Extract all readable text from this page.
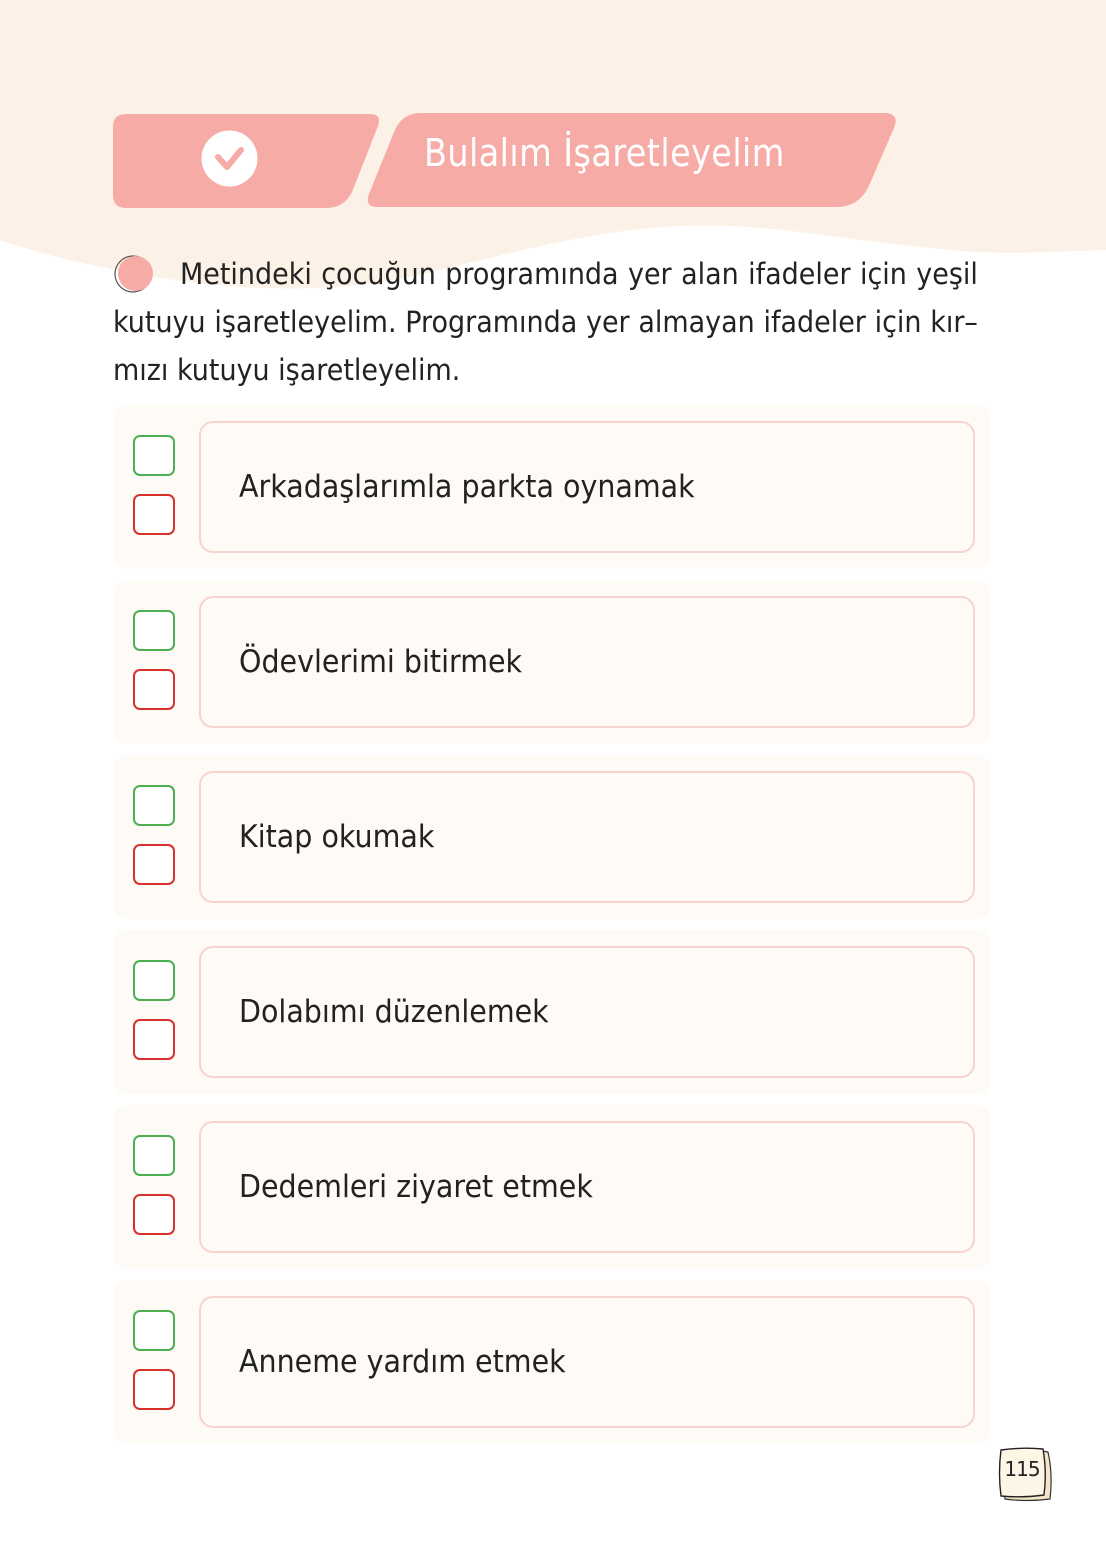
Bulalım İşaretleyelim
Metindeki çocuğun programında yer alan ifadeler için yeşil kutuyu işaretleyelim. Programında yer almayan ifadeler için kır–mızı kutuyu işaretleyelim.
Arkadaşlarımla parkta oynamak
Ödevlerimi bitirmek
Kitap okumak
Dolabımı düzenlemek
Dedemleri ziyaret etmek
Anneme yardım etmek
115
